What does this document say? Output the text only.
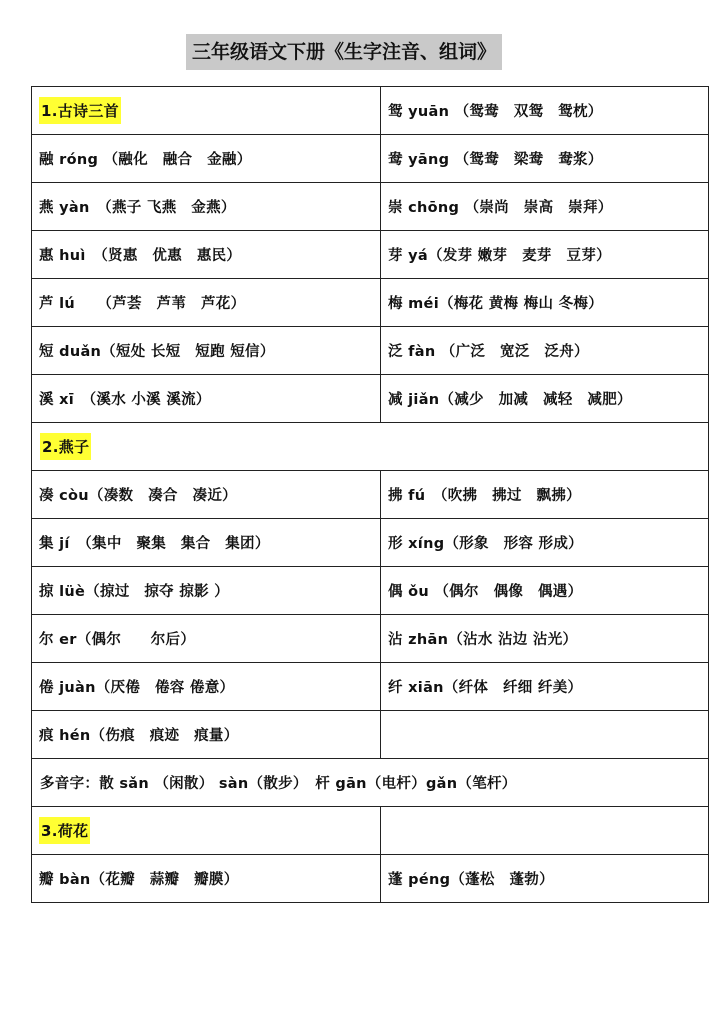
三年级语文下册《生字注音、组词》
1.古诗三首	鸳 yuān （鸳鸯　双鸳　鸳枕）
融 róng （融化　融合　金融）	鸯 yāng （鸳鸯　梁鸯　鸯浆）
燕 yàn　（燕子 飞燕　金燕）	崇 chōng （崇尚　崇高　崇拜）
惠 huì　（贤惠　优惠　惠民）	芽 yá（发芽 嫩芽　麦芽　豆芽）
芦 lú　　（芦荟　芦苇　芦花）	梅 méi（梅花 黄梅 梅山 冬梅）
短 duǎn（短处 长短　短跑 短信）	泛 fàn （广泛　宽泛　泛舟）
溪 xī　（溪水 小溪 溪流）	减 jiǎn（减少　加减　减轻　减肥）
2.燕子	
凑 còu（凑数　凑合　凑近）	拂 fú　（吹拂　拂过　飘拂）
集 jí　（集中　聚集　集合　集团）	形 xíng（形象　形容 形成）
掠 lüè（掠过　掠夺 掠影 ）	偶 ǒu （偶尔　偶像　偶遇）
尔 er（偶尔　　尔后）	沾 zhān（沾水 沾边 沾光）
倦 juàn（厌倦　倦容 倦意）	纤 xiān（纤体　纤细 纤美）
痕 hén（伤痕　痕迹　痕量）	
多音字：散 sǎn （闲散） sàn（散步）　杆 gān（电杆）gǎn（笔杆）	
3.荷花	
瓣 bàn（花瓣　蒜瓣　瓣膜）	蓬 péng（蓬松　蓬勃）
